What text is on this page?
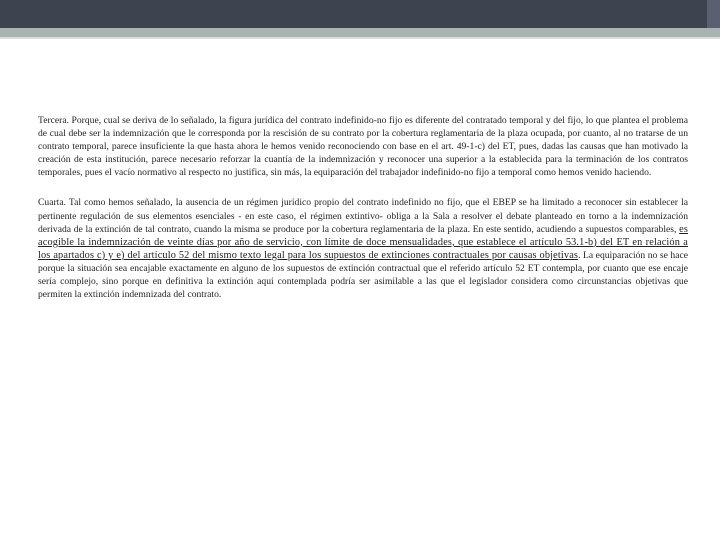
Tercera. Porque, cual se deriva de lo señalado, la figura jurídica del contrato indefinido-no fijo es diferente del contratado temporal y del fijo, lo que plantea el problema de cual debe ser la indemnización que le corresponda por la rescisión de su contrato por la cobertura reglamentaria de la plaza ocupada, por cuanto, al no tratarse de un contrato temporal, parece insuficiente la que hasta ahora le hemos venido reconociendo con base en el art. 49-1-c) del ET, pues, dadas las causas que han motivado la creación de esta institución, parece necesario reforzar la cuantía de la indemnización y reconocer una superior a la establecida para la terminación de los contratos temporales, pues el vacío normativo al respecto no justifica, sin más, la equiparación del trabajador indefinido-no fijo a temporal como hemos venido haciendo.

Cuarta. Tal como hemos señalado, la ausencia de un régimen jurídico propio del contrato indefinido no fijo, que el EBEP se ha limitado a reconocer sin establecer la pertinente regulación de sus elementos esenciales - en este caso, el régimen extintivo- obliga a la Sala a resolver el debate planteado en torno a la indemnización derivada de la extinción de tal contrato, cuando la misma se produce por la cobertura reglamentaria de la plaza. En este sentido, acudiendo a supuestos comparables, es acogible la indemnización de veinte días por año de servicio, con límite de doce mensualidades, que establece el artículo 53.1-b) del ET en relación a los apartados c) y e) del artículo 52 del mismo texto legal para los supuestos de extinciones contractuales por causas objetivas. La equiparación no se hace porque la situación sea encajable exactamente en alguno de los supuestos de extinción contractual que el referido artículo 52 ET contempla, por cuanto que ese encaje sería complejo, sino porque en definitiva la extinción aquí contemplada podría ser asimilable a las que el legislador considera como circunstancias objetivas que permiten la extinción indemnizada del contrato.
